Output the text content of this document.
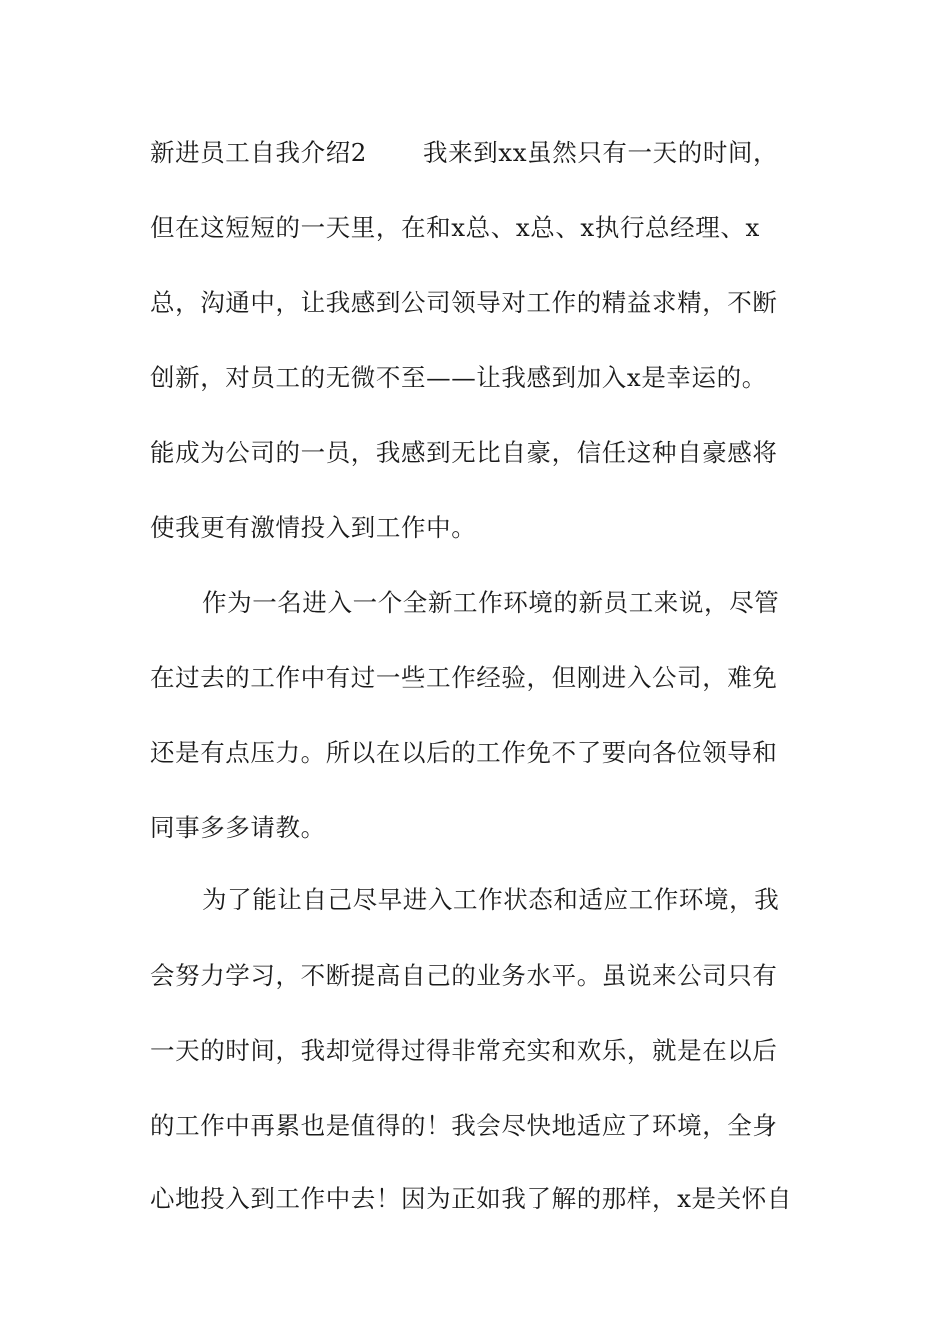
新进员工自我介绍2 我来到xx虽然只有一天的时间，
但在这短短的一天里，在和x总、x总、x执行总经理、x
总，沟通中，让我感到公司领导对工作的精益求精，不断
创新，对员工的无微不至——让我感到加入x是幸运的。
能成为公司的一员，我感到无比自豪，信任这种自豪感将
使我更有激情投入到工作中。
作为一名进入一个全新工作环境的新员工来说，尽管
在过去的工作中有过一些工作经验，但刚进入公司，难免
还是有点压力。所以在以后的工作免不了要向各位领导和
同事多多请教。
为了能让自己尽早进入工作状态和适应工作环境，我
会努力学习，不断提高自己的业务水平。虽说来公司只有
一天的时间，我却觉得过得非常充实和欢乐，就是在以后
的工作中再累也是值得的！我会尽快地适应了环境，全身
心地投入到工作中去！因为正如我了解的那样，x是关怀自
